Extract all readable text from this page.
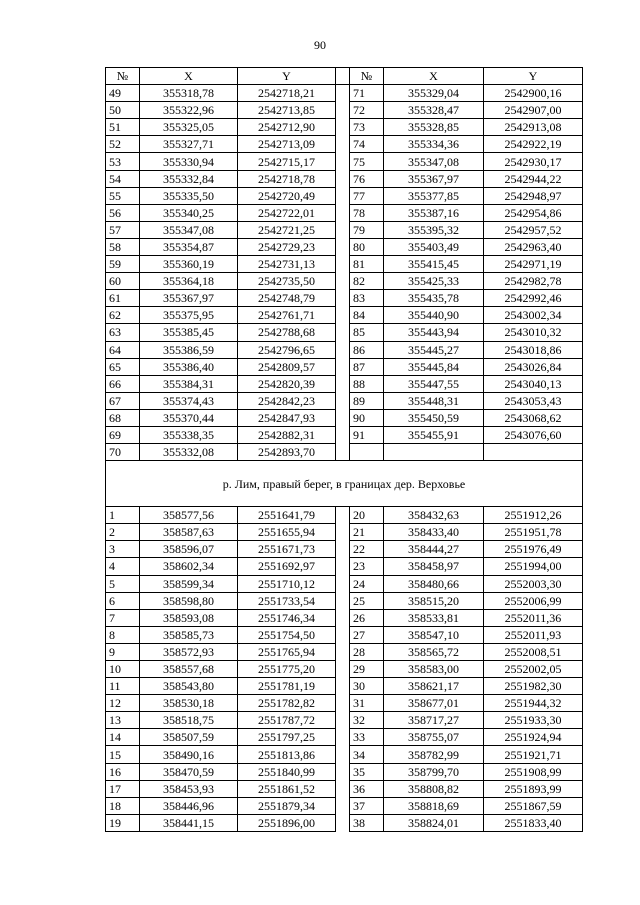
90
№	X	Y		№	X	Y
49	355318,78	2542718,21		71	355329,04	2542900,16
50	355322,96	2542713,85		72	355328,47	2542907,00
51	355325,05	2542712,90		73	355328,85	2542913,08
52	355327,71	2542713,09		74	355334,36	2542922,19
53	355330,94	2542715,17		75	355347,08	2542930,17
54	355332,84	2542718,78		76	355367,97	2542944,22
55	355335,50	2542720,49		77	355377,85	2542948,97
56	355340,25	2542722,01		78	355387,16	2542954,86
57	355347,08	2542721,25		79	355395,32	2542957,52
58	355354,87	2542729,23		80	355403,49	2542963,40
59	355360,19	2542731,13		81	355415,45	2542971,19
60	355364,18	2542735,50		82	355425,33	2542982,78
61	355367,97	2542748,79		83	355435,78	2542992,46
62	355375,95	2542761,71		84	355440,90	2543002,34
63	355385,45	2542788,68		85	355443,94	2543010,32
64	355386,59	2542796,65		86	355445,27	2543018,86
65	355386,40	2542809,57		87	355445,84	2543026,84
66	355384,31	2542820,39		88	355447,55	2543040,13
67	355374,43	2542842,23		89	355448,31	2543053,43
68	355370,44	2542847,93		90	355450,59	2543068,62
69	355338,35	2542882,31		91	355455,91	2543076,60
70	355332,08	2542893,70				
р. Лим, правый берег, в границах дер. Верховье						
1	358577,56	2551641,79		20	358432,63	2551912,26
2	358587,63	2551655,94		21	358433,40	2551951,78
3	358596,07	2551671,73		22	358444,27	2551976,49
4	358602,34	2551692,97		23	358458,97	2551994,00
5	358599,34	2551710,12		24	358480,66	2552003,30
6	358598,80	2551733,54		25	358515,20	2552006,99
7	358593,08	2551746,34		26	358533,81	2552011,36
8	358585,73	2551754,50		27	358547,10	2552011,93
9	358572,93	2551765,94		28	358565,72	2552008,51
10	358557,68	2551775,20		29	358583,00	2552002,05
11	358543,80	2551781,19		30	358621,17	2551982,30
12	358530,18	2551782,82		31	358677,01	2551944,32
13	358518,75	2551787,72		32	358717,27	2551933,30
14	358507,59	2551797,25		33	358755,07	2551924,94
15	358490,16	2551813,86		34	358782,99	2551921,71
16	358470,59	2551840,99		35	358799,70	2551908,99
17	358453,93	2551861,52		36	358808,82	2551893,99
18	358446,96	2551879,34		37	358818,69	2551867,59
19	358441,15	2551896,00		38	358824,01	2551833,40
